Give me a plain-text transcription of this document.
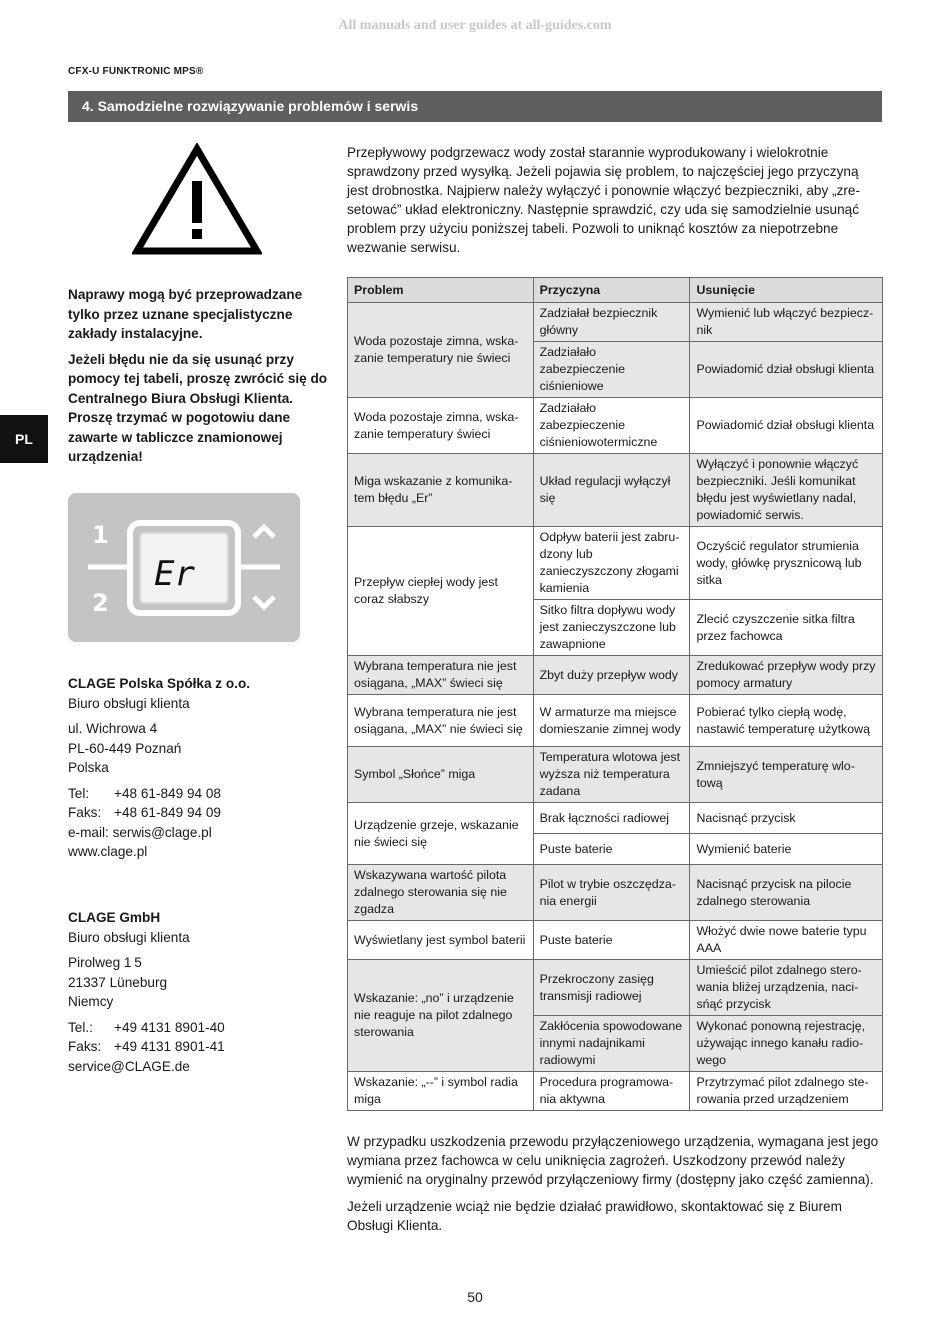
All manuals and user guides at all-guides.com
CFX-U FUNKTRONIC MPS®
4. Samodzielne rozwiązywanie problemów i serwis

Przepływowy podgrzewacz wody został starannie wyprodukowany i wielokrotnie sprawdzony przed wysyłką. Jeżeli pojawia się problem, to najczęściej jego przyczyną jest drobnostka. Najpierw należy wyłączyć i ponownie włączyć bezpieczniki, aby „zresetować” układ elektroniczny. Następnie sprawdzić, czy uda się samodzielnie usunąć problem przy użyciu poniższej tabeli. Pozwoli to uniknąć kosztów za niepotrzebne wezwanie serwisu.

Naprawy mogą być przeprowadzane tylko przez uznane specjalistyczne zakłady instalacyjne.

Jeżeli błędu nie da się usunąć przy pomocy tej tabeli, proszę zwrócić się do Centralnego Biura Obsługi Klienta. Proszę trzymać w pogotowiu dane zawarte w tabliczce znamionowej urządzenia!

PL
1
2
Er

CLAGE Polska Spółka z o.o.
Biuro obsługi klienta

ul. Wichrowa 4
PL-60-449 Poznań
Polska

Tel:	+48 61-849 94 08
Faks: +48 61-849 94 09
e-mail: serwis@clage.pl
www.clage.pl

CLAGE GmbH
Biuro obsługi klienta

Pirolweg 1 5
21337 Lüneburg
Niemcy

Tel.:	+49 4131 8901-40
Faks: +49 4131 8901-41
service@CLAGE.de

Problem	Przyczyna	Usunięcie
Woda pozostaje zimna, wskazanie temperatury nie świeci	Zadziałał bezpiecznik główny	Wymienić lub włączyć bezpiecznik
	Zadziałało zabezpieczenie ciśnieniowe	Powiadomić dział obsługi klienta
Woda pozostaje zimna, wskazanie temperatury świeci	Zadziałało zabezpieczenie ciśnieniowotermiczne	Powiadomić dział obsługi klienta
Miga wskazanie z komunikatem błędu „Er”	Układ regulacji wyłączył się	Wyłączyć i ponownie włączyć bezpieczniki. Jeśli komunikat błędu jest wyświetlany nadal, powiadomić serwis.
Przepływ ciepłej wody jest coraz słabszy	Odpływ baterii jest zabrudzony lub zanieczyszczony złogami kamienia	Oczyścić regulator strumienia wody, główkę prysznicową lub sitka
	Sitko filtra dopływu wody jest zanieczyszczone lub zawapnione	Zlecić czyszczenie sitka filtra przez fachowca
Wybrana temperatura nie jest osiągana, „MAX” świeci się	Zbyt duży przepływ wody	Zredukować przepływ wody przy pomocy armatury
Wybrana temperatura nie jest osiągana, „MAX” nie świeci się	W armaturze ma miejsce domieszanie zimnej wody	Pobierać tylko ciepłą wodę, nastawić temperaturę użytkową
Symbol „Słońce” miga	Temperatura wlotowa jest wyższa niż temperatura zadana	Zmniejszyć temperaturę wlotową
Urządzenie grzeje, wskazanie nie świeci się	Brak łączności radiowej	Nacisnąć przycisk
	Puste baterie	Wymienić baterie
Wskazywana wartość pilota zdalnego sterowania się nie zgadza	Pilot w trybie oszczędzania energii	Nacisnąć przycisk na pilocie zdalnego sterowania
Wyświetlany jest symbol baterii	Puste baterie	Włożyć dwie nowe baterie typu AAA
Wskazanie: „no” i urządzenie nie reaguje na pilot zdalnego sterowania	Przekroczony zasięg transmisji radiowej	Umieścić pilot zdalnego sterowania bliżej urządzenia, nacisńąć przycisk
	Zakłócenia spowodowane innymi nadajnikami radiowymi	Wykonać ponowną rejestrację, używając innego kanału radiowego
Wskazanie: „--” i symbol radia miga	Procedura programowania aktywna	Przytrzymać pilot zdalnego sterowania przed urządzeniem

W przypadku uszkodzenia przewodu przyłączeniowego urządzenia, wymagana jest jego wymiana przez fachowca w celu uniknięcia zagrożeń. Uszkodzony przewód należy wymienić na oryginalny przewód przyłączeniowy firmy (dostępny jako część zamienna).

Jeżeli urządzenie wciąż nie będzie działać prawidłowo, skontaktować się z Biurem Obsługi Klienta.

50
